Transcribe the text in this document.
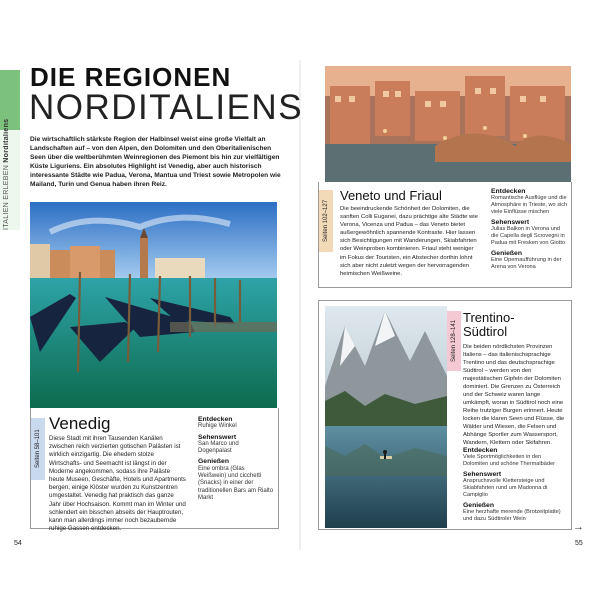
ITALIEN ERLEBEN Norditaliens
DIE REGIONEN
NORDITALIENS
Die wirtschaftlich stärkste Region der Halbinsel weist eine große Vielfalt an Landschaften auf – von den Alpen, den Dolomiten und den Oberitalienischen Seen über die weltberühmten Weinregionen des Piemont bis hin zur vielfältigen Küste Liguriens. Ein absolutes Highlight ist Venedig, aber auch historisch interessante Städte wie Padua, Verona, Mantua und Triest sowie Metropolen wie Mailand, Turin und Genua haben ihren Reiz.
Seiten 58–101
Venedig
Diese Stadt mit ihren Tausenden Kanälen zwischen reich verzierten gotischen Palästen ist wirklich einzigartig. Die ehedem stolze Wirtschafts- und Seemacht ist längst in der Moderne angekommen, sodass ihre Paläste heute Museen, Geschäfte, Hotels und Apartments bergen, einige Klöster wurden zu Kunstzentren umgestaltet. Venedig hat praktisch das ganze Jahr über Hochsaison. Kommt man im Winter und schlendert ein bisschen abseits der Hauptrouten, kann man allerdings immer noch bezaubernde ruhige Gassen entdecken.
Entdecken
Ruhige Winkel
Sehenswert
San Marco und Dogenpalast
Genießen
Eine ombra (Glas Weißwein) und cicchetti (Snacks) in einer der traditionellen Bars am Rialto Markt
Seiten 102–127
Veneto und Friaul
Die beeindruckende Schönheit der Dolomiten, die sanften Colli Euganei, dazu prächtige alte Städte wie Verona, Vicenza und Padua – das Veneto bietet außergewöhnlich spannende Kontraste. Hier lassen sich Besichtigungen mit Wanderungen, Skiabfahrten oder Weinproben kombinieren. Friaul steht weniger im Fokus der Touristen, ein Abstecher dorthin lohnt sich aber nicht zuletzt wegen der hervorragenden heimischen Weißweine.
Entdecken
Romantische Ausflüge und die Atmosphäre in Trieste, wo sich viele Einflüsse mischen
Sehenswert
Julias Balkon in Verona und die Capella degli Scrovegni in Padua mit Fresken von Giotto
Genießen
Eine Opernaufführung in der Arena von Verona
Seiten 128–141
Trentino-
Südtirol
Die beiden nördlichsten Provinzen Italiens – das italienischsprachige Trentino und das deutschsprachige Südtirol – werden von den majestätischen Gipfeln der Dolomiten dominiert. Die Grenzen zu Österreich und der Schweiz waren lange umkämpft, woran in Südtirol noch eine Reihe trutziger Burgen erinnert. Heute locken die klaren Seen und Flüsse, die Wälder und Wiesen, die Felsen und Abhänge Sportler zum Wassersport, Wandern, Klettern oder Skifahren.
Entdecken
Viele Sportmöglichkeiten in den Dolomiten und schöne Thermalbäder
Sehenswert
Anspruchsvolle Klettersteige und Skiabfahrten rund um Madonna di Campiglio
Genießen
Eine herzhafte merende (Brotzeitplatte) und dazu Südtiroler Wein
54	55
→
